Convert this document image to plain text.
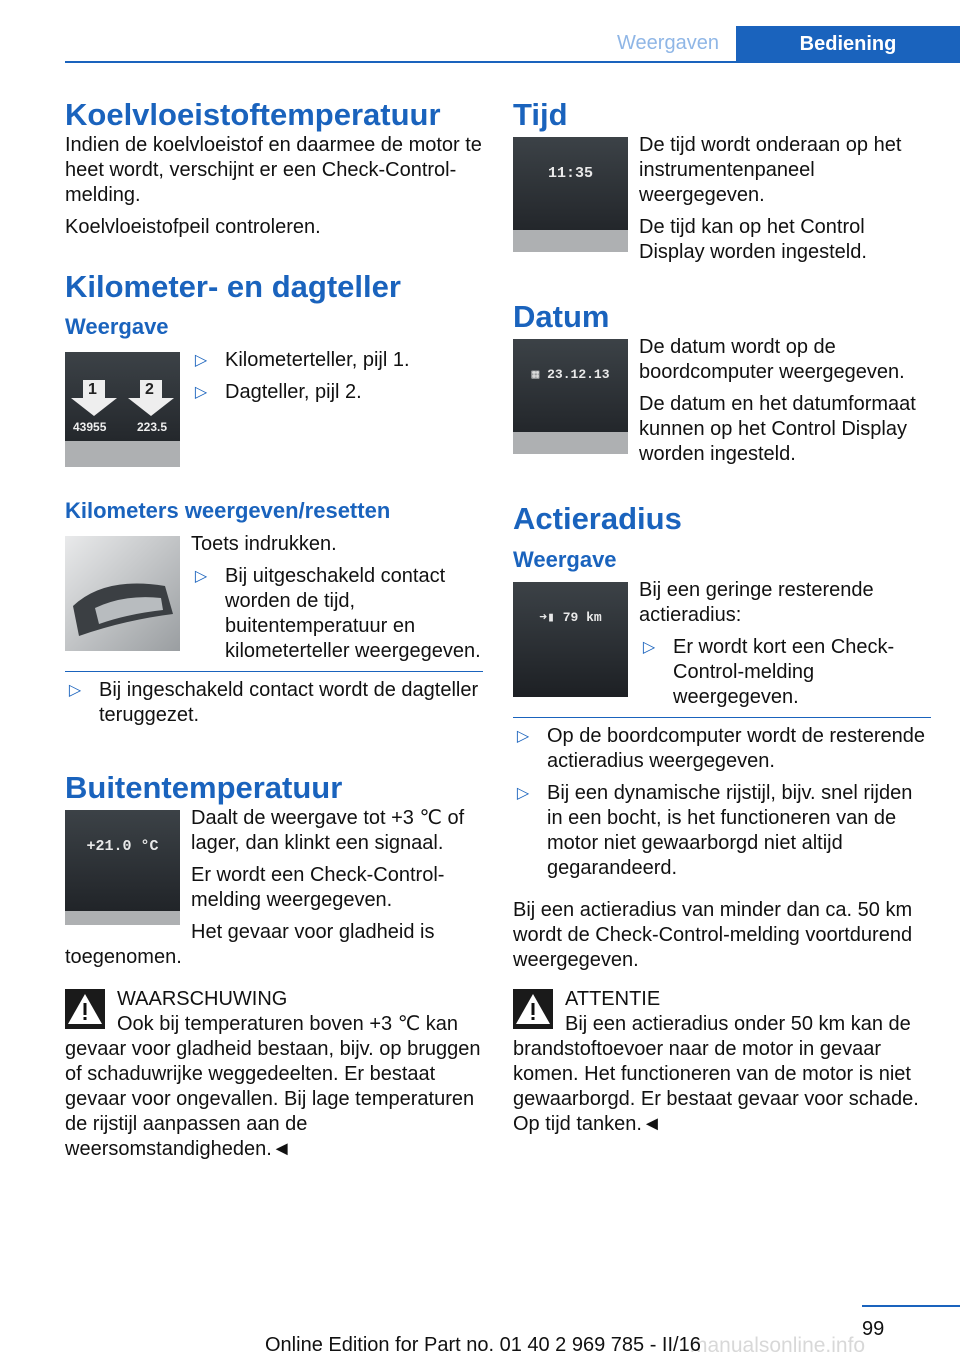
Weergaven	Bediening
Koelvloeistoftemperatuur

Indien de koelvloeistof en daarmee de motor te heet wordt, verschijnt er een Check-Control-melding.

Koelvloeistofpeil controleren.

Kilometer- en dagteller
Weergave
1	2
43955	223.5
▷ Kilometerteller, pijl 1.
▷ Dagteller, pijl 2.
Kilometers weergeven/resetten

Toets indrukken.

▷ Bij uitgeschakeld contact worden de tijd, buitentemperatuur en kilometerteller weergegeven.
▷ Bij ingeschakeld contact wordt de dagteller teruggezet.
Buitentemperatuur
+21.0 °C

Daalt de weergave tot +3 ℃ of lager, dan klinkt een signaal.

Er wordt een Check-Control-melding weergegeven.

Het gevaar voor gladheid is toegenomen.

WAARSCHUWING

Ook bij temperaturen boven +3 ℃ kan gevaar voor gladheid bestaan, bijv. op bruggen of schaduwrijke weggedeelten. Er bestaat gevaar voor ongevallen. Bij lage temperaturen de rijstijl aanpassen aan de weersomstandigheden.◄

Tijd
11:35

De tijd wordt onderaan op het instrumentenpaneel weergegeven.

De tijd kan op het Control Display worden ingesteld.

Datum
▦ 23.12.13

De datum wordt op de boordcomputer weergegeven.

De datum en het datumformaat kunnen op het Control Display worden ingesteld.

Actieradius
Weergave
➜▮ 79 km

Bij een geringe resterende actieradius:

▷ Er wordt kort een Check-Control-melding weergegeven.
▷ Op de boordcomputer wordt de resterende actieradius weergegeven.
▷ Bij een dynamische rijstijl, bijv. snel rijden in een bocht, is het functioneren van de motor niet gewaarborgd niet altijd gegarandeerd.

Bij een actieradius van minder dan ca. 50 km wordt de Check-Control-melding voortdurend weergegeven.

ATTENTIE

Bij een actieradius onder 50 km kan de brandstoftoevoer naar de motor in gevaar komen. Het functioneren van de motor is niet gewaarborgd. Er bestaat gevaar voor schade. Op tijd tanken.◄

99
manualsonline.info
Online Edition for Part no. 01 40 2 969 785 - II/16
